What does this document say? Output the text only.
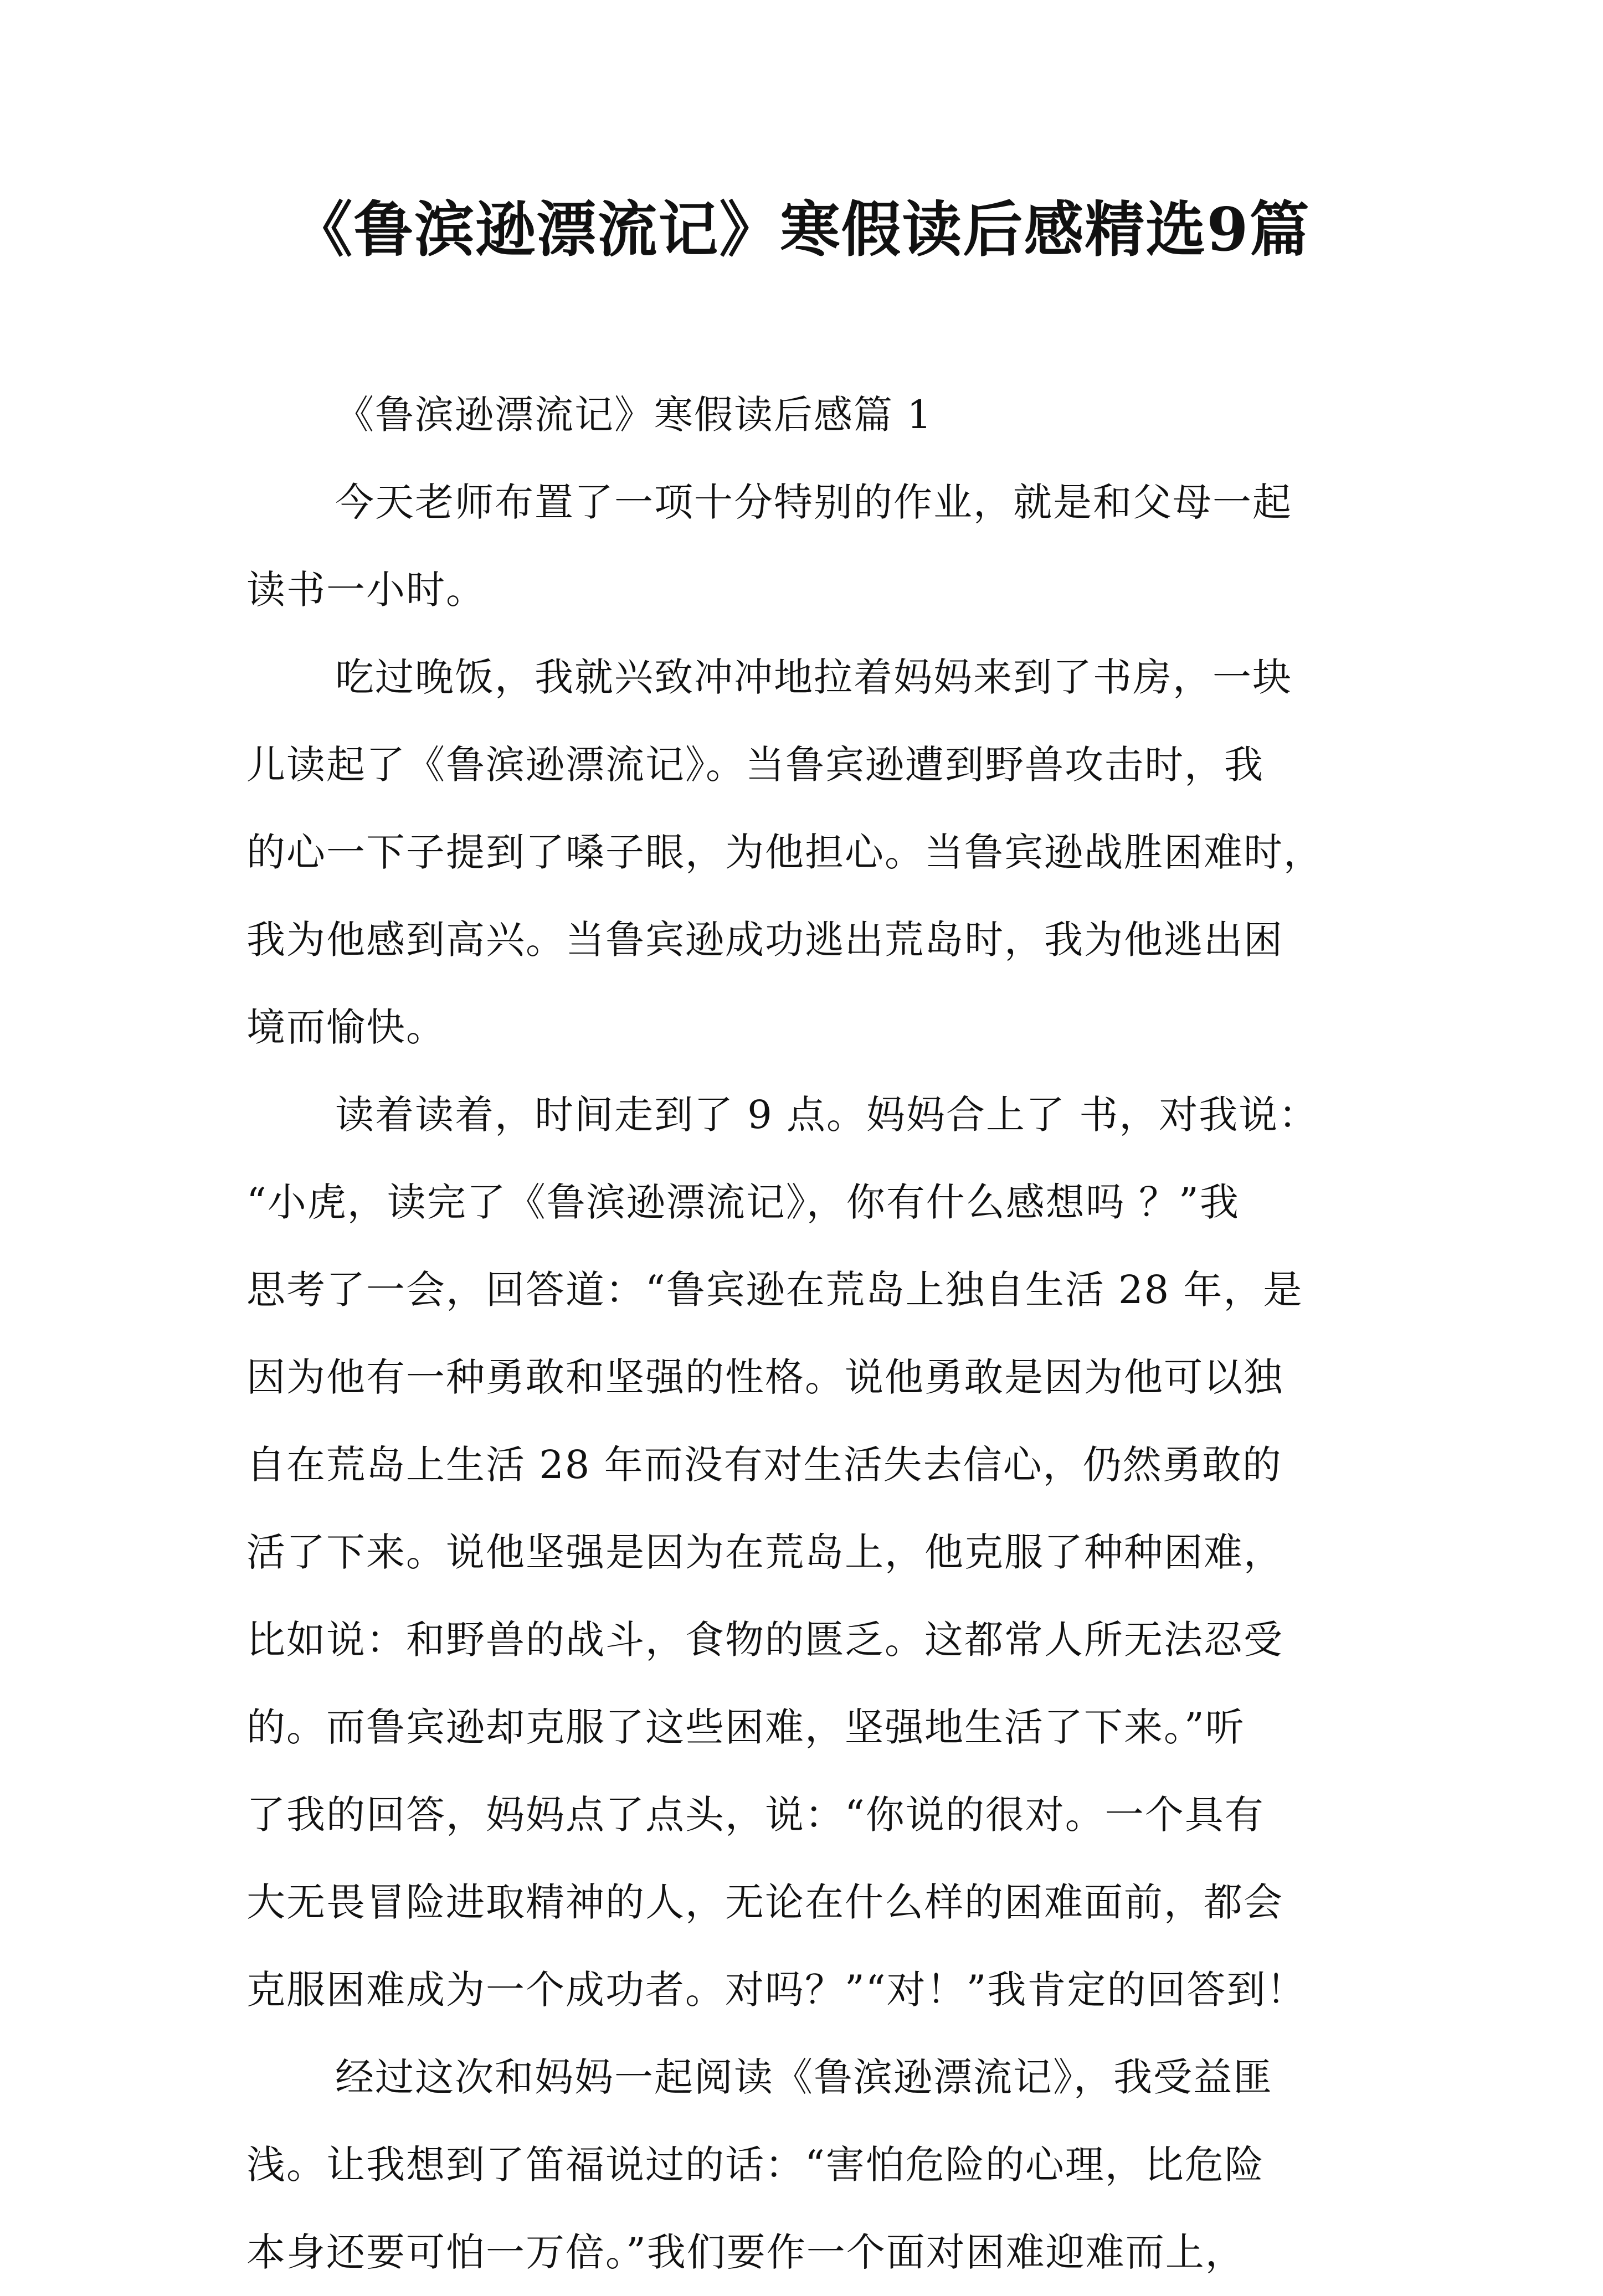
《鲁滨逊漂流记》寒假读后感精选9篇

《鲁滨逊漂流记》寒假读后感篇 1

今天老师布置了一项十分特别的作业，就是和父母一起
读书一小时。

吃过晚饭，我就兴致冲冲地拉着妈妈来到了书房，一块
儿读起了《鲁滨逊漂流记》。当鲁宾逊遭到野兽攻击时，我
的心一下子提到了嗓子眼，为他担心。当鲁宾逊战胜困难时，
我为他感到高兴。当鲁宾逊成功逃出荒岛时，我为他逃出困
境而愉快。

读着读着，时间走到了 9 点。妈妈合上了 书，对我说：
“小虎，读完了《鲁滨逊漂流记》，你有什么感想吗 ？”我
思考了一会，回答道：“鲁宾逊在荒岛上独自生活 28 年，是
因为他有一种勇敢和坚强的性格。说他勇敢是因为他可以独
自在荒岛上生活 28 年而没有对生活失去信心，仍然勇敢的
活了下来。说他坚强是因为在荒岛上，他克服了种种困难，
比如说：和野兽的战斗，食物的匮乏。这都常人所无法忍受
的。而鲁宾逊却克服了这些困难，坚强地生活了下来。”听
了我的回答，妈妈点了点头，说：“你说的很对。一个具有
大无畏冒险进取精神的人，无论在什么样的困难面前，都会
克服困难成为一个成功者。对吗？”“对！”我肯定的回答到！

经过这次和妈妈一起阅读《鲁滨逊漂流记》，我受益匪
浅。让我想到了笛福说过的话：“害怕危险的心理，比危险
本身还要可怕一万倍。”我们要作一个面对困难迎难而上，
